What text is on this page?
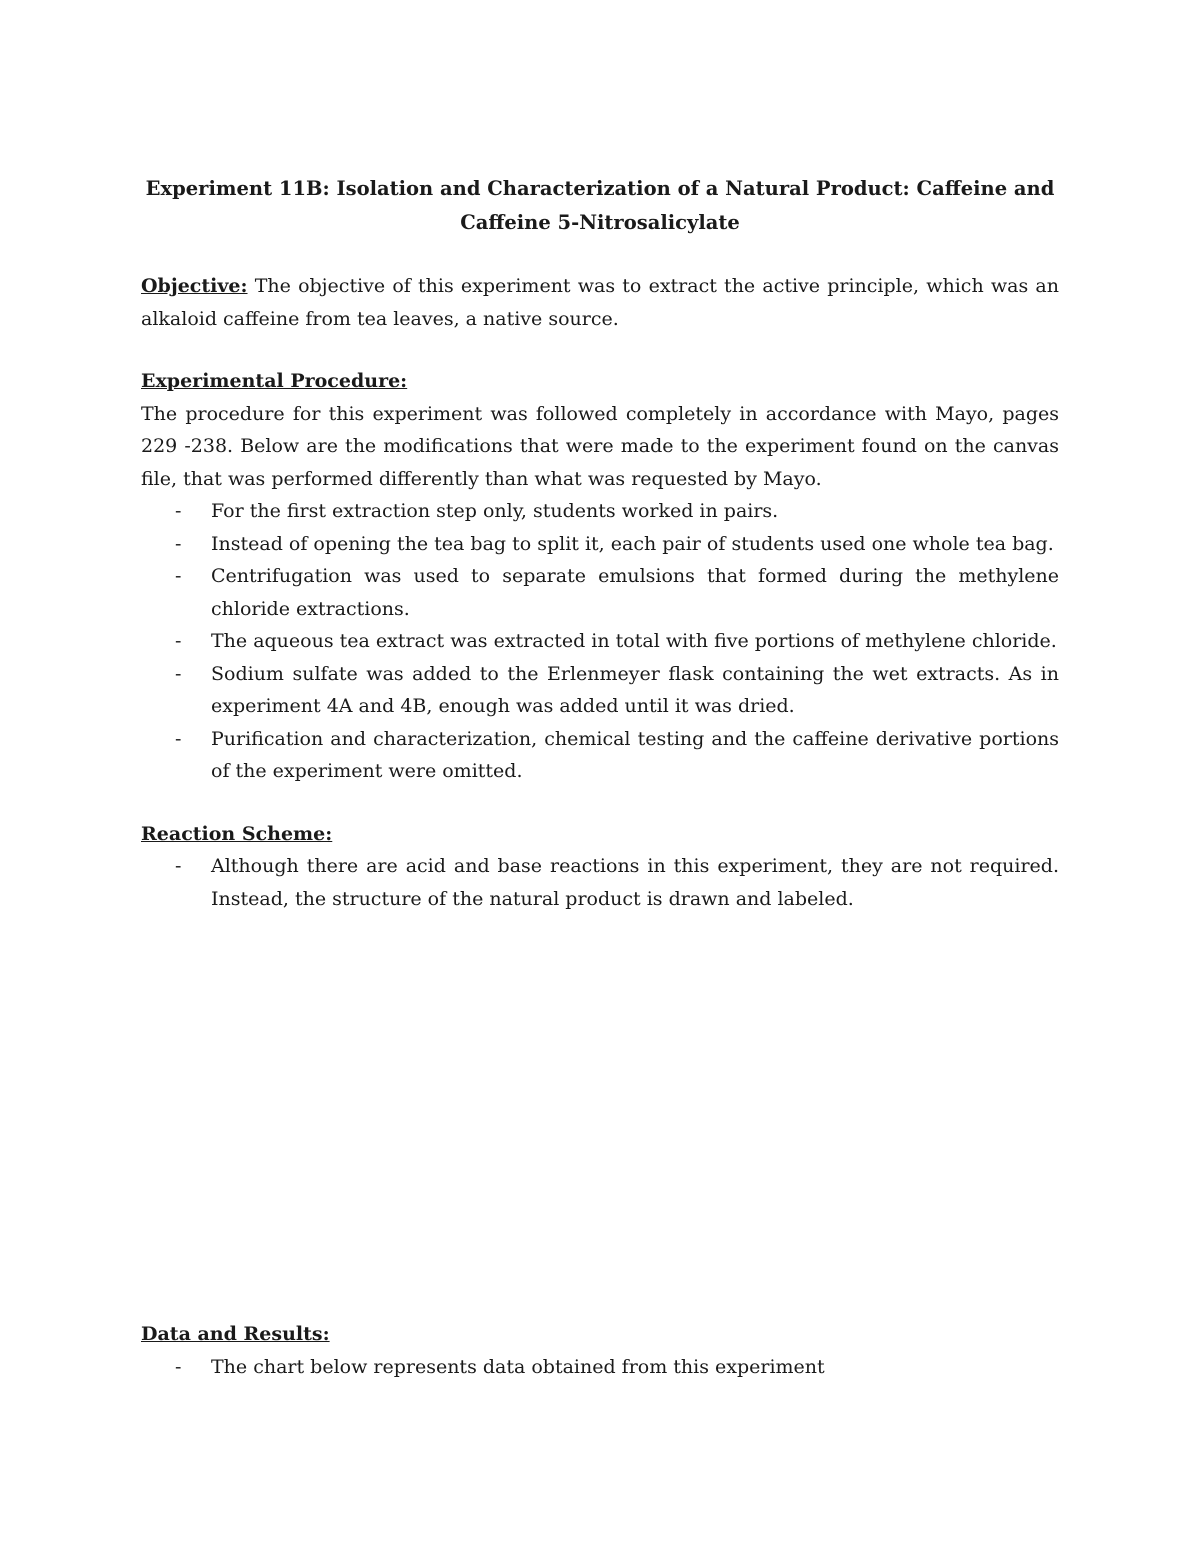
Experiment 11B: Isolation and Characterization of a Natural Product: Caffeine and
Caffeine 5-Nitrosalicylate

Objective: The objective of this experiment was to extract the active principle, which was an alkaloid caffeine from tea leaves, a native source.

Experimental Procedure:

The procedure for this experiment was followed completely in accordance with Mayo, pages 229 -238. Below are the modifications that were made to the experiment found on the canvas file, that was performed differently than what was requested by Mayo.

- For the first extraction step only, students worked in pairs.
- Instead of opening the tea bag to split it, each pair of students used one whole tea bag.
- Centrifugation was used to separate emulsions that formed during the methylene chloride extractions.
- The aqueous tea extract was extracted in total with five portions of methylene chloride.
- Sodium sulfate was added to the Erlenmeyer flask containing the wet extracts. As in experiment 4A and 4B, enough was added until it was dried.
- Purification and characterization, chemical testing and the caffeine derivative portions of the experiment were omitted.
Reaction Scheme:
- Although there are acid and base reactions in this experiment, they are not required. Instead, the structure of the natural product is drawn and labeled.
Data and Results:
- The chart below represents data obtained from this experiment
